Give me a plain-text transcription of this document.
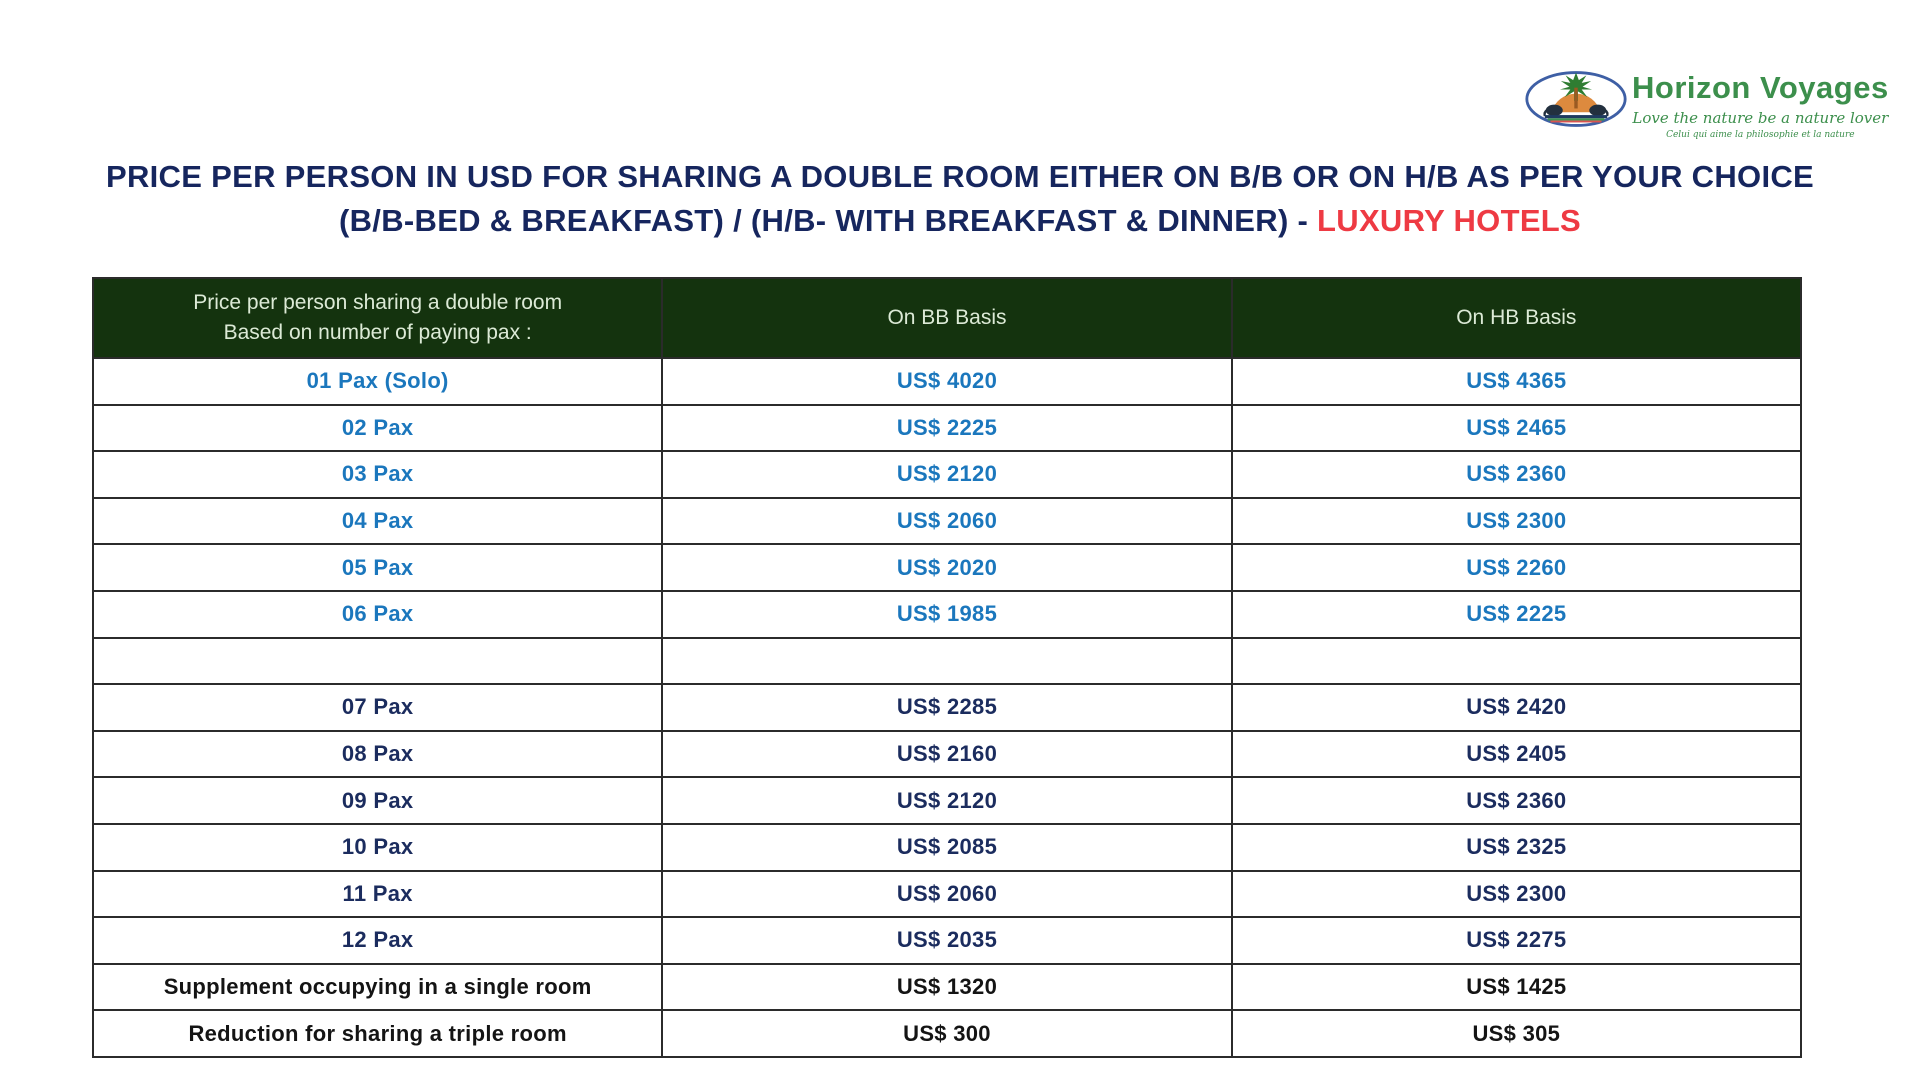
Horizon Voyages
Love the nature be a nature lover
Celui qui aime la philosophie et la nature
PRICE PER PERSON IN USD FOR SHARING A DOUBLE ROOM EITHER ON B/B OR ON H/B AS PER YOUR CHOICE
(B/B-BED & BREAKFAST) / (H/B- WITH BREAKFAST & DINNER) - LUXURY HOTELS
Price per person sharing a double room
Based on number of paying pax :	On BB Basis	On HB Basis
01 Pax (Solo)	US$ 4020	US$ 4365
02 Pax	US$ 2225	US$ 2465
03 Pax	US$ 2120	US$ 2360
04 Pax	US$ 2060	US$ 2300
05 Pax	US$ 2020	US$ 2260
06 Pax	US$ 1985	US$ 2225

07 Pax	US$ 2285	US$ 2420
08 Pax	US$ 2160	US$ 2405
09 Pax	US$ 2120	US$ 2360
10 Pax	US$ 2085	US$ 2325
11 Pax	US$ 2060	US$ 2300
12 Pax	US$ 2035	US$ 2275
Supplement occupying in a single room	US$ 1320	US$ 1425
Reduction for sharing a triple room	US$ 300	US$ 305
